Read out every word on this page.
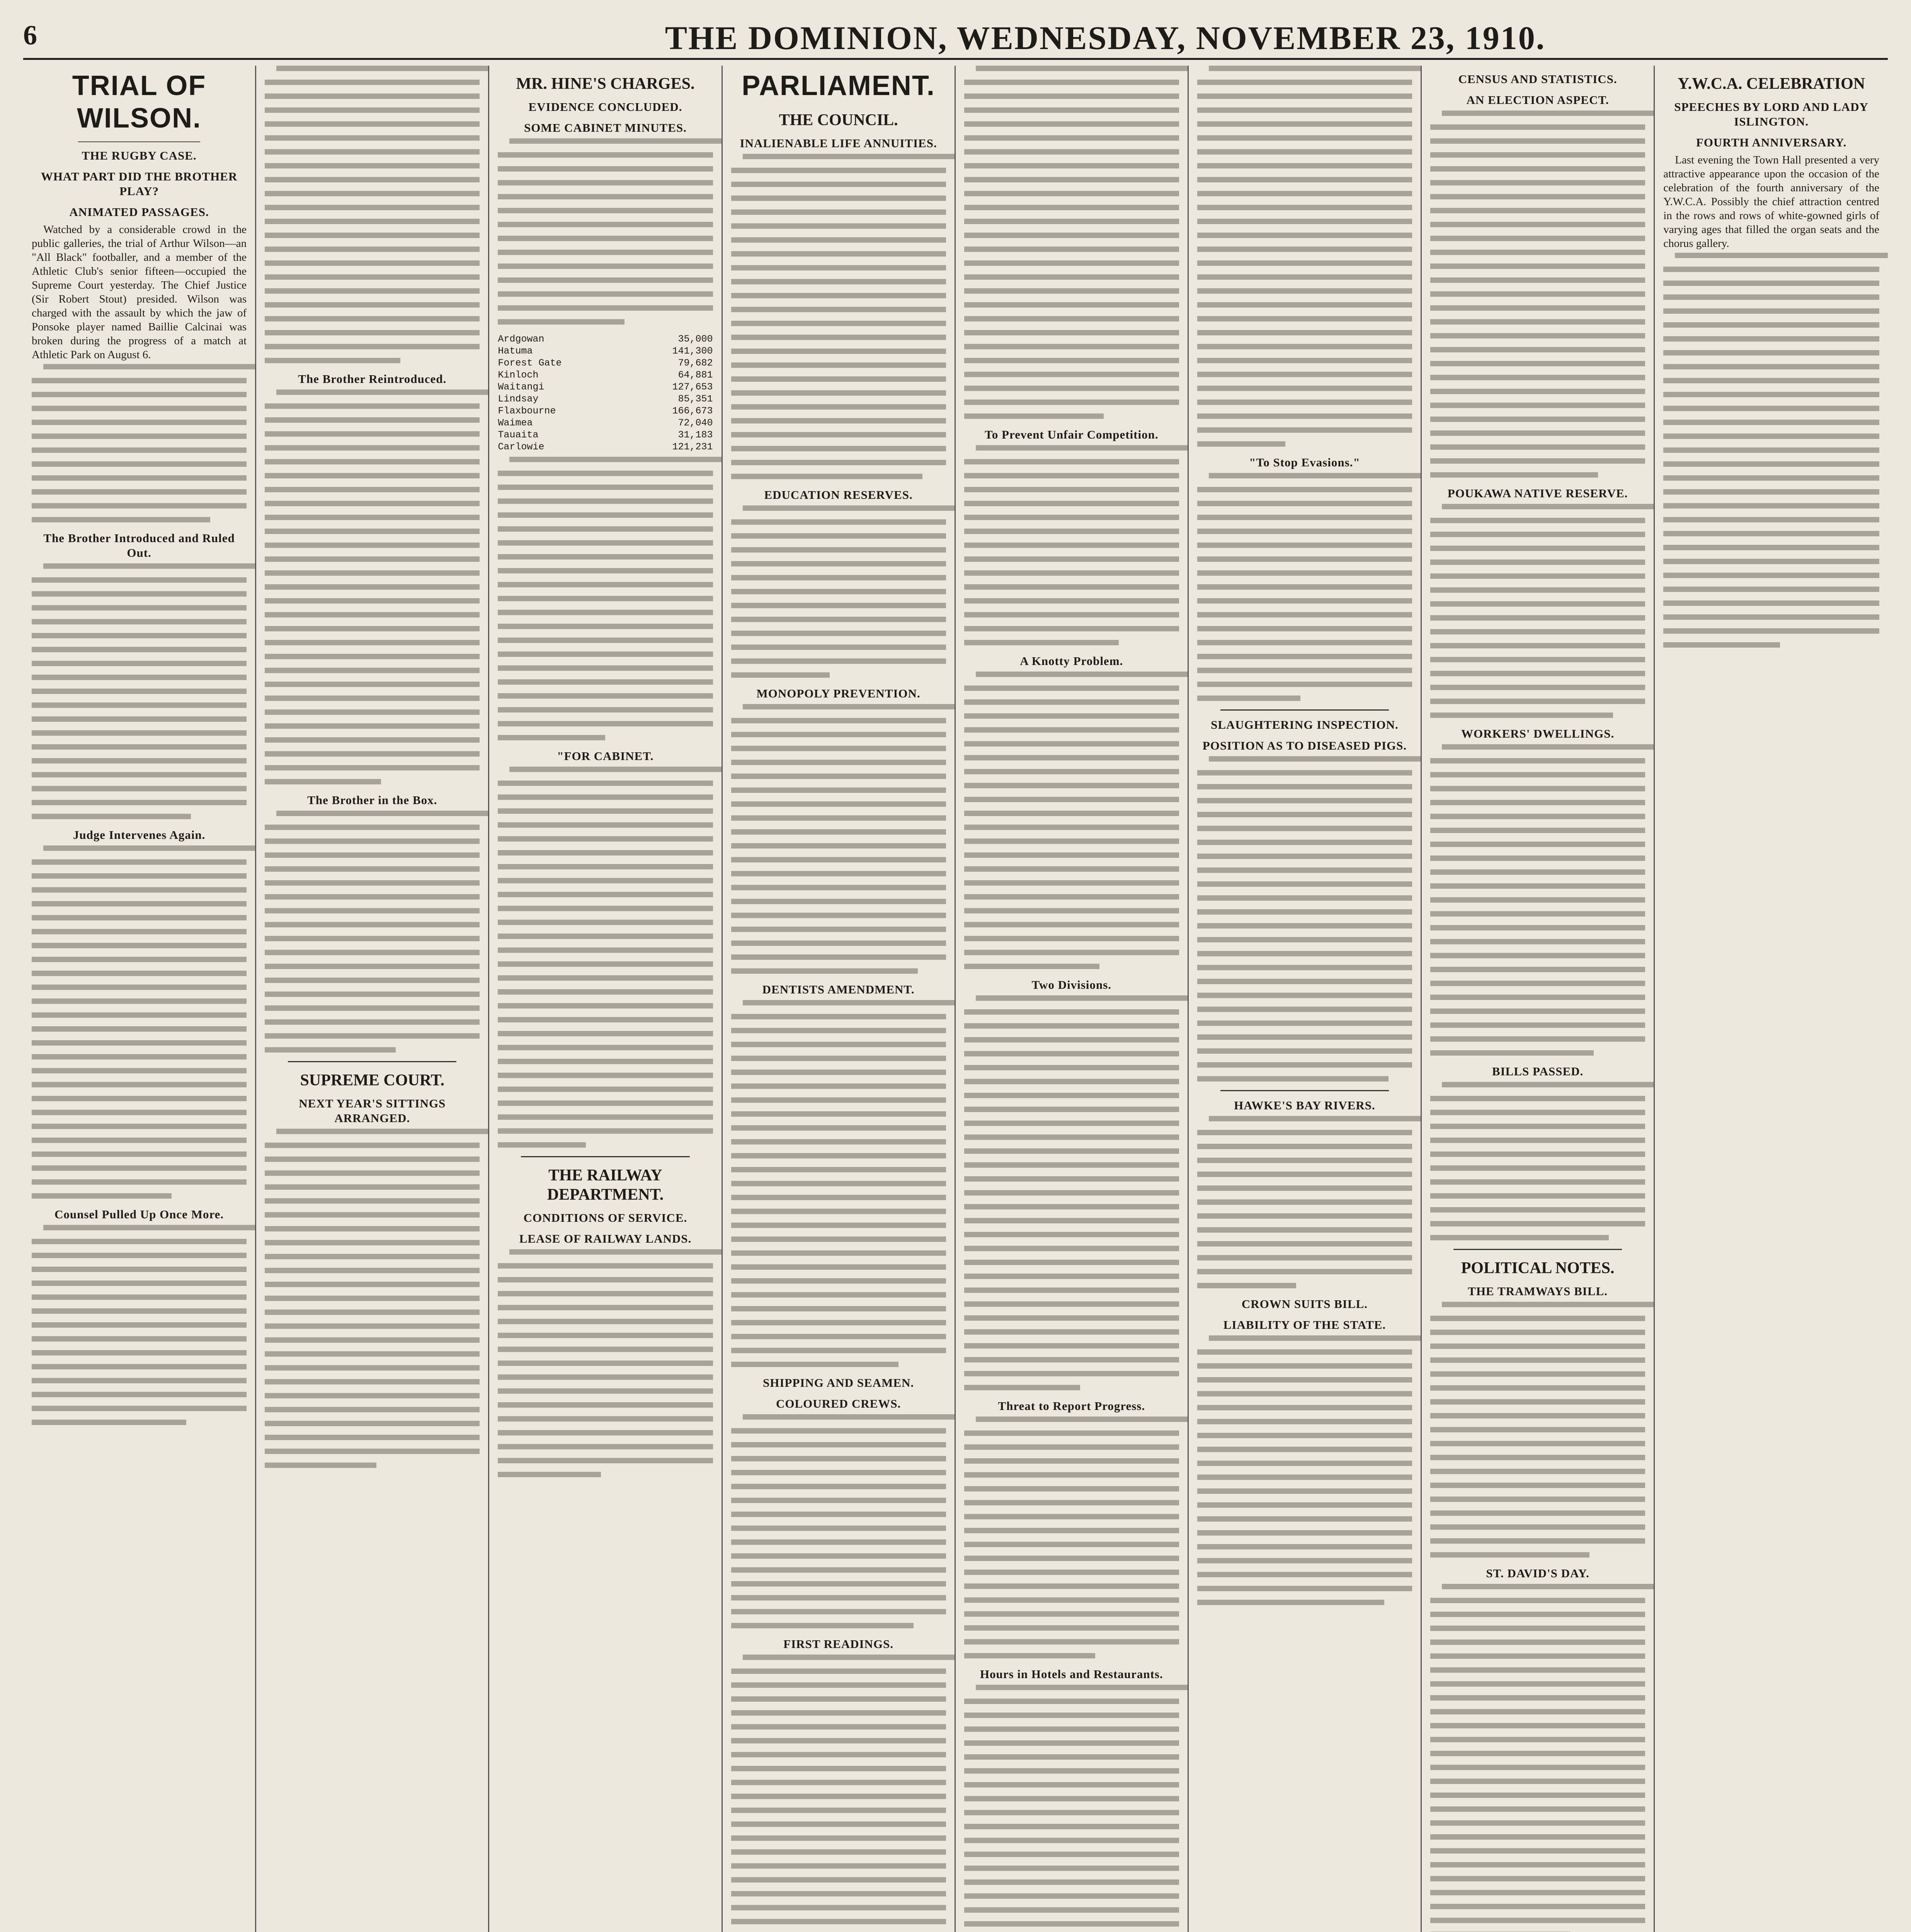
6	THE DOMINION, WEDNESDAY, NOVEMBER 23, 1910.
TRIAL OF WILSON.
THE RUGBY CASE.
WHAT PART DID THE BROTHER PLAY?
ANIMATED PASSAGES.

Watched by a considerable crowd in the public galleries, the trial of Arthur Wilson—an "All Black" footballer, and a member of the Athletic Club's senior fifteen—occupied the Supreme Court yesterday. The Chief Justice (Sir Robert Stout) presided. Wilson was charged with the assault by which the jaw of Ponsoke player named Baillie Calcinai was broken during the progress of a match at Athletic Park on August 6.

The Brother Introduced and Ruled Out.
Judge Intervenes Again.
Counsel Pulled Up Once More.
The Brother Reintroduced.
The Brother in the Box.
SUPREME COURT.
NEXT YEAR'S SITTINGS ARRANGED.
MR. HINE'S CHARGES.
EVIDENCE CONCLUDED.
SOME CABINET MINUTES.
Ardgowan	35,000
Hatuma	141,300
Forest Gate	79,682
Kinloch	64,881
Waitangi	127,653
Lindsay	85,351
Flaxbourne	166,673
Waimea	72,040
Tauaita	31,183
Carlowie	121,231
"FOR CABINET.
THE RAILWAY DEPARTMENT.
CONDITIONS OF SERVICE.
LEASE OF RAILWAY LANDS.
PARLIAMENT.
THE COUNCIL.
INALIENABLE LIFE ANNUITIES.
EDUCATION RESERVES.
MONOPOLY PREVENTION.
DENTISTS AMENDMENT.
SHIPPING AND SEAMEN.
COLOURED CREWS.
FIRST READINGS.
To Prevent Unfair Competition.
A Knotty Problem.
Two Divisions.
Threat to Report Progress.
Hours in Hotels and Restaurants.
"To Stop Evasions."
SLAUGHTERING INSPECTION.
POSITION AS TO DISEASED PIGS.
HAWKE'S BAY RIVERS.
CROWN SUITS BILL.
LIABILITY OF THE STATE.
CENSUS AND STATISTICS.
AN ELECTION ASPECT.
POUKAWA NATIVE RESERVE.
WORKERS' DWELLINGS.
BILLS PASSED.
POLITICAL NOTES.
THE TRAMWAYS BILL.
ST. DAVID'S DAY.
Y.W.C.A. CELEBRATION
SPEECHES BY LORD AND LADY ISLINGTON.
FOURTH ANNIVERSARY.

Last evening the Town Hall presented a very attractive appearance upon the occasion of the celebration of the fourth anniversary of the Y.W.C.A. Possibly the chief attraction centred in the rows and rows of white-gowned girls of varying ages that filled the organ seats and the chorus gallery.
